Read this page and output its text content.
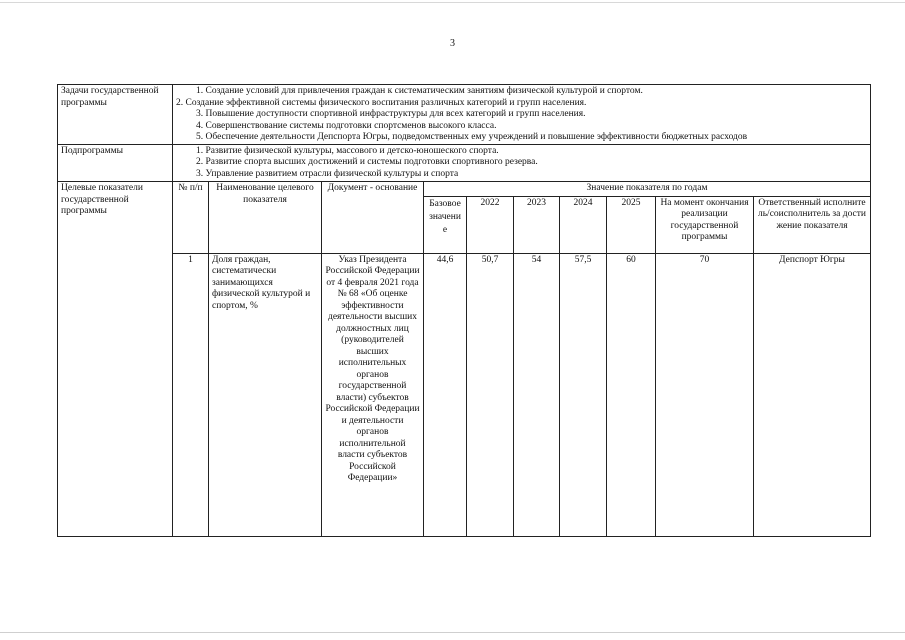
3
Задачи государственной программы	1. Создание условий для привлечения граждан к систематическим занятиям физической культурой и спортом.
2. Создание эффективной системы физического воспитания различных категорий и групп населения.
3. Повышение доступности спортивной инфраструктуры для всех категорий и групп населения.
4. Совершенствование системы подготовки спортсменов высокого класса.
5. Обеспечение деятельности Депспорта Югры, подведомственных ему учреждений и повышение эффективности бюджетных расходов									

Подпрограммы	1. Развитие физической культуры, массового и детско-юношеского спорта.
2. Развитие спорта высших достижений и системы подготовки спортивного резерва.
3. Управление развитием отрасли физической культуры и спорта									

Целевые показатели государственной программы	№ п/п	Наименование целевого показателя	Документ - основание	Значение показателя по годам						
				Базовое значение	2022	2023	2024	2025	На момент окончания реализации государственной программы	Ответственный исполнитель/соисполнитель за достижение показателя
	1	Доля граждан, систематически занимающихся физической культурой и спортом, %	Указ Президента Российской Федерации от 4 февраля 2021 года № 68 «Об оценке эффективности деятельности высших должностных лиц (руководителей высших исполнительных органов государственной власти) субъектов Российской Федерации и деятельности органов исполнительной власти субъектов Российской Федерации»	44,6	50,7	54	57,5	60	70	Депспорт Югры
